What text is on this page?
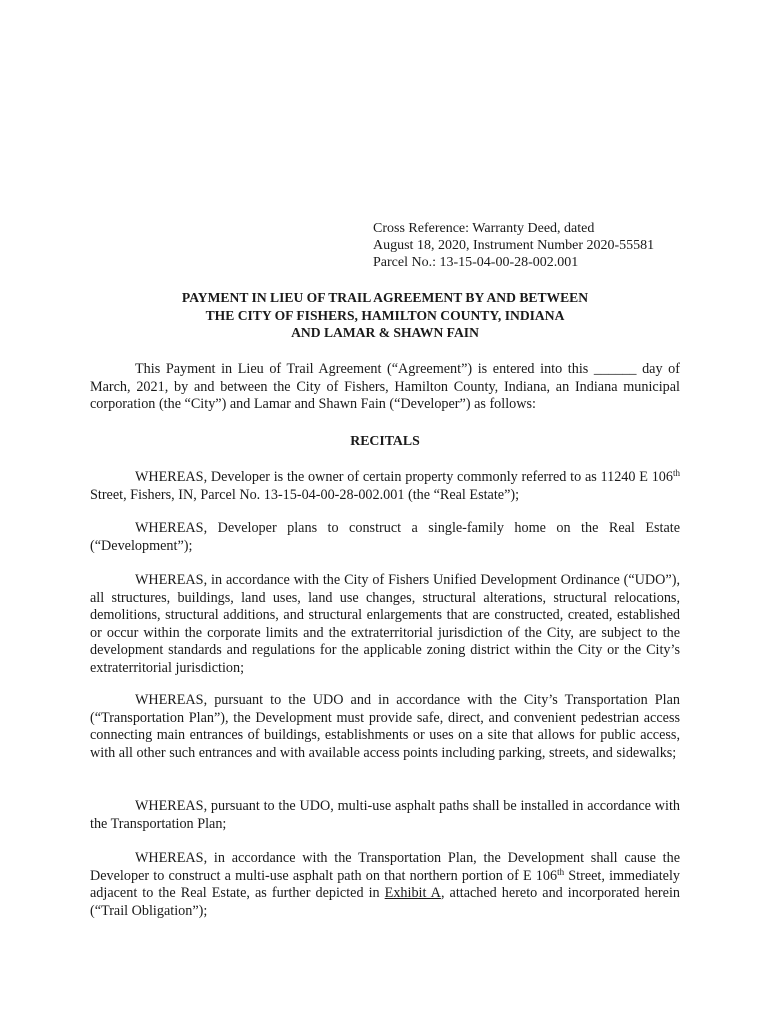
Cross Reference: Warranty Deed, dated
August 18, 2020, Instrument Number 2020-55581
Parcel No.: 13-15-04-00-28-002.001
PAYMENT IN LIEU OF TRAIL AGREEMENT BY AND BETWEEN
THE CITY OF FISHERS, HAMILTON COUNTY, INDIANA
AND LAMAR & SHAWN FAIN

This Payment in Lieu of Trail Agreement (“Agreement”) is entered into this ______ day of March, 2021, by and between the City of Fishers, Hamilton County, Indiana, an Indiana municipal corporation (the “City”) and Lamar and Shawn Fain (“Developer”) as follows:

RECITALS

WHEREAS, Developer is the owner of certain property commonly referred to as 11240 E 106th Street, Fishers, IN, Parcel No. 13-15-04-00-28-002.001 (the “Real Estate”);

WHEREAS, Developer plans to construct a single-family home on the Real Estate (“Development”);

WHEREAS, in accordance with the City of Fishers Unified Development Ordinance (“UDO”), all structures, buildings, land uses, land use changes, structural alterations, structural relocations, demolitions, structural additions, and structural enlargements that are constructed, created, established or occur within the corporate limits and the extraterritorial jurisdiction of the City, are subject to the development standards and regulations for the applicable zoning district within the City or the City’s extraterritorial jurisdiction;

WHEREAS, pursuant to the UDO and in accordance with the City’s Transportation Plan (“Transportation Plan”), the Development must provide safe, direct, and convenient pedestrian access connecting main entrances of buildings, establishments or uses on a site that allows for public access, with all other such entrances and with available access points including parking, streets, and sidewalks;

WHEREAS, pursuant to the UDO, multi-use asphalt paths shall be installed in accordance with the Transportation Plan;

WHEREAS, in accordance with the Transportation Plan, the Development shall cause the Developer to construct a multi-use asphalt path on that northern portion of E 106th Street, immediately adjacent to the Real Estate, as further depicted in Exhibit A, attached hereto and incorporated herein (“Trail Obligation”);
